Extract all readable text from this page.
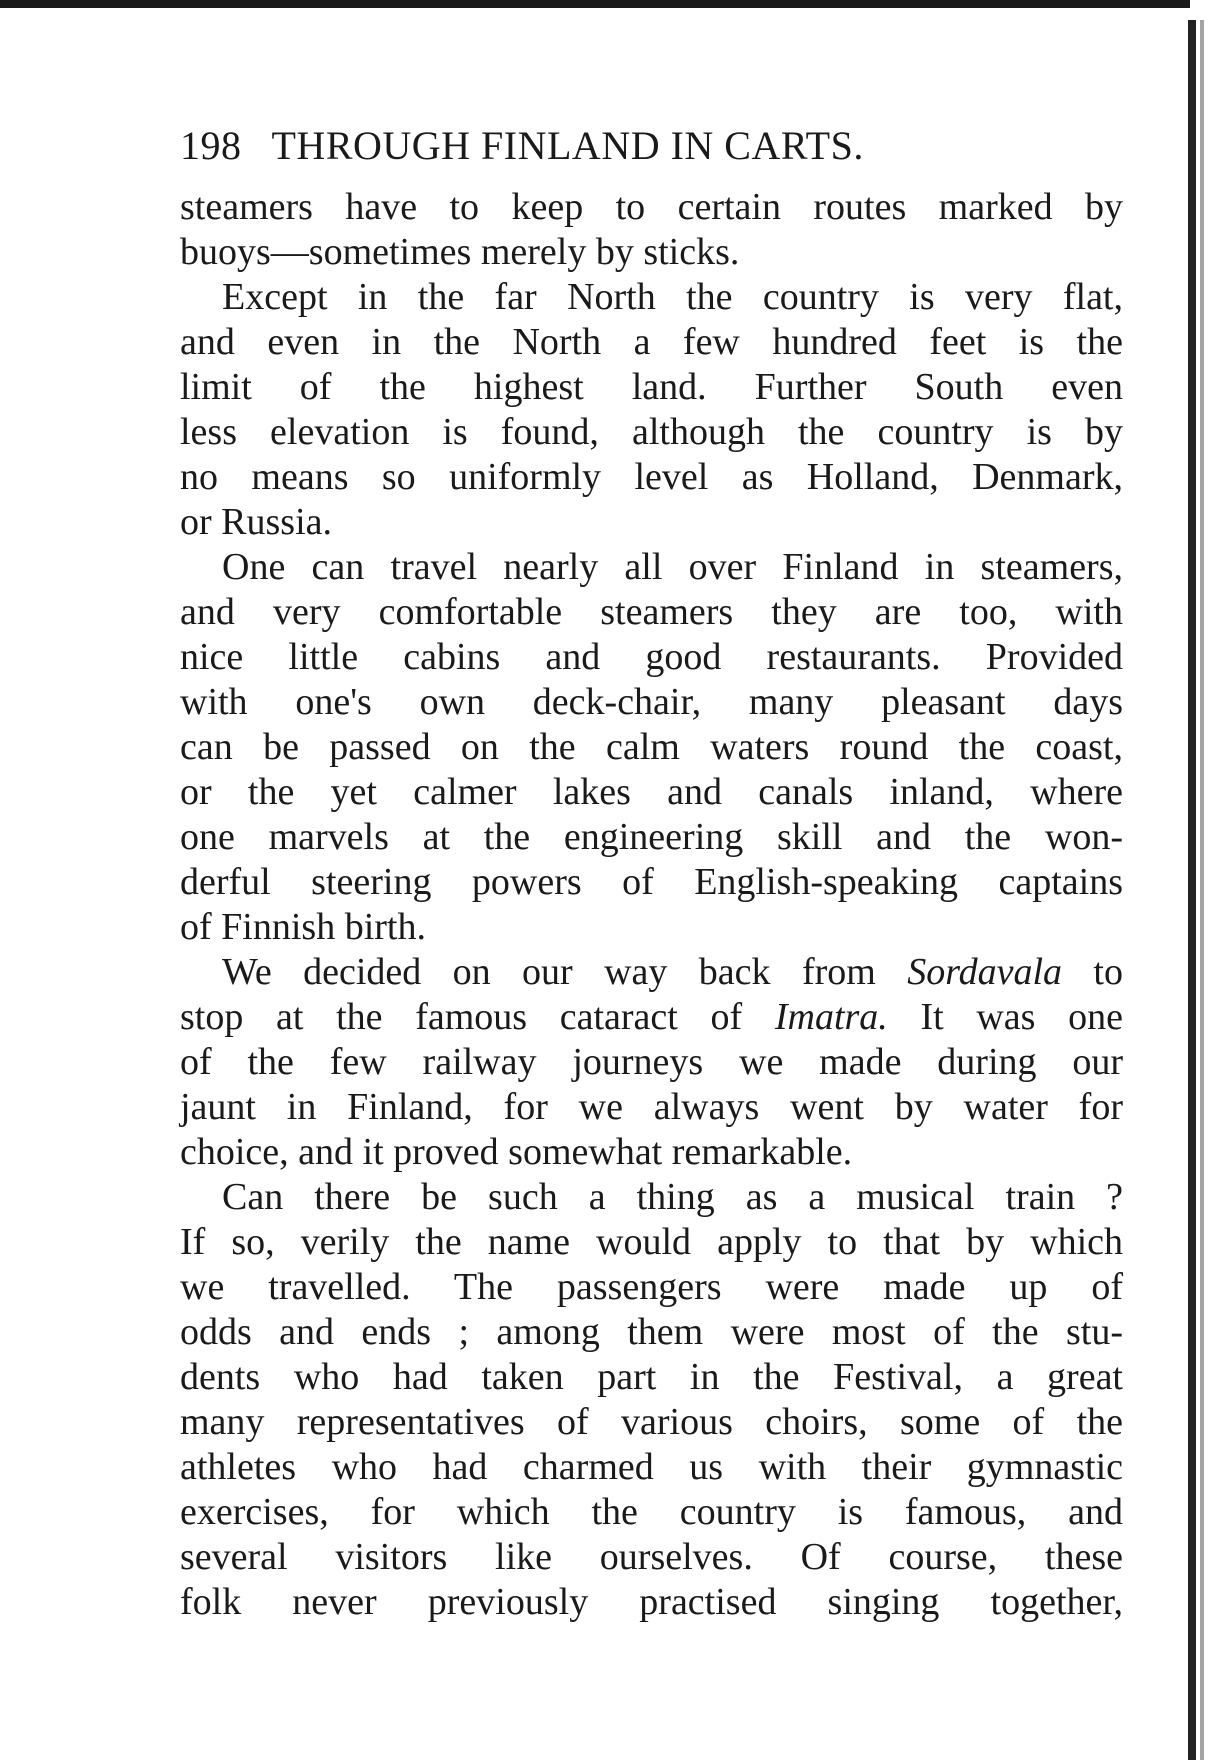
198 THROUGH FINLAND IN CARTS.
steamers have to keep to certain routes marked by
buoys—sometimes merely by sticks.
Except in the far North the country is very flat,
and even in the North a few hundred feet is the
limit of the highest land. Further South even
less elevation is found, although the country is by
no means so uniformly level as Holland, Denmark,
or Russia.
One can travel nearly all over Finland in steamers,
and very comfortable steamers they are too, with
nice little cabins and good restaurants. Provided
with one's own deck-chair, many pleasant days
can be passed on the calm waters round the coast,
or the yet calmer lakes and canals inland, where
one marvels at the engineering skill and the won-
derful steering powers of English-speaking captains
of Finnish birth.
We decided on our way back from Sordavala to
stop at the famous cataract of Imatra. It was one
of the few railway journeys we made during our
jaunt in Finland, for we always went by water for
choice, and it proved somewhat remarkable.
Can there be such a thing as a musical train ?
If so, verily the name would apply to that by which
we travelled. The passengers were made up of
odds and ends ; among them were most of the stu-
dents who had taken part in the Festival, a great
many representatives of various choirs, some of the
athletes who had charmed us with their gymnastic
exercises, for which the country is famous, and
several visitors like ourselves. Of course, these
folk never previously practised singing together,
